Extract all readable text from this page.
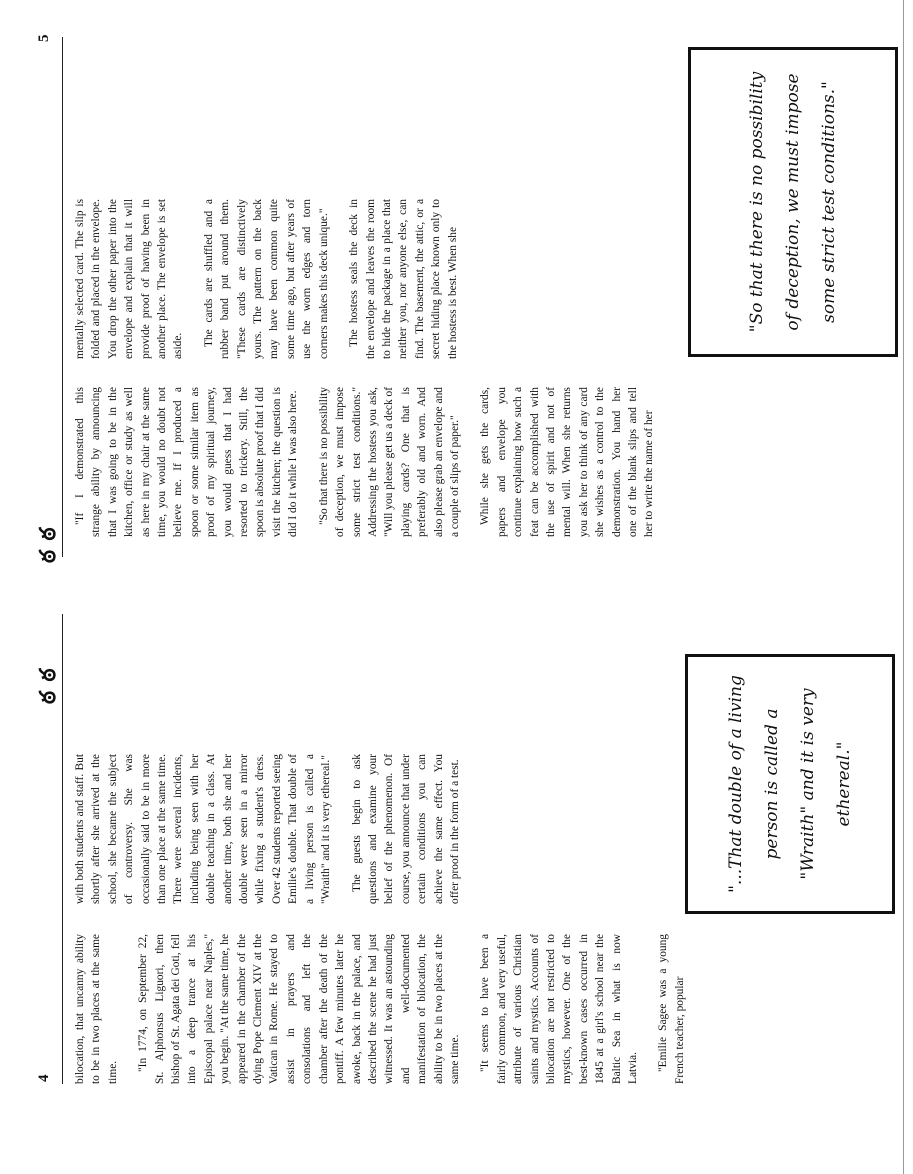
4
ఠ ఠ

bilocation, that uncanny ability to be in two places at the same time.

"In 1774, on September 22, St. Alphonsus Liguori, then bishop of St. Agata dei Goti, fell into a deep trance at his Episcopal palace near Naples," you begin. "At the same time, he appeared in the chamber of the dying Pope Clement XIV at the Vatican in Rome. He stayed to assist in prayers and consolations and left the chamber after the death of the pontiff. A few minutes later he awoke, back in the palace, and described the scene he had just witnessed. It was an astounding and well-documented manifestation of bilocation, the ability to be in two places at the same time. "It seems to have been a fairly common, and very useful, attribute of various Christian saints and mystics. Accounts of bilocation are not restricted to mystics, however. One of the best-known cases occurred in 1845 at a girl's school near the Baltic Sea in what is now Latvia. "Emilie Sagee was a young French teacher, popular

with both students and staff. But shortly after she arrived at the school, she became the subject of controversy. She was occasionally said to be in more than one place at the same time. There were several incidents, including being seen with her double teaching in a class. At another time, both she and her double were seen in a mirror while fixing a student's dress. Over 42 students reported seeing Emilie's double. That double of a living person is called a "Wraith" and it is very ethereal." The guests begin to ask questions and examine your belief of the phenomenon. Of course, you announce that under certain conditions you can achieve the same effect. You offer proof in the form of a test.	"...That double of a living person is called a "Wraith" and it is very ethereal."
5
ఠ ఠ

"If I demonstrated this strange ability by announcing that I was going to be in the kitchen, office or study as well as here in my chair at the same time, you would no doubt not believe me. If I produced a spoon or some similar item as proof of my spiritual journey, you would guess that I had resorted to trickery. Still, the spoon is absolute proof that I did visit the kitchen; the question is did I do it while I was also here. "So that there is no possibility of deception, we must impose some strict test conditions." Addressing the hostess you ask, "Will you please get us a deck of playing cards? One that is preferably old and worn. And also please grab an envelope and a couple of slips of paper." While she gets the cards, papers and envelope you continue explaining how such a feat can be accomplished with the use of spirit and not of mental will. When she returns you ask her to think of any card she wishes as a control to the demonstration. You hand her one of the blank slips and tell her to write the name of her

mentally selected card. The slip is folded and placed in the envelope. You drop the other paper into the envelope and explain that it will provide proof of having been in another place. The envelope is set aside. The cards are shuffled and a rubber band put around them. "These cards are distinctively yours. The pattern on the back may have been common quite some time ago, but after years of use the worn edges and torn corners makes this deck unique." The hostess seals the deck in the envelope and leaves the room to hide the package in a place that neither you, nor anyone else, can find. The basement, the attic, or a secret hiding place known only to the hostess is best. When she	"So that there is no possibility of deception, we must impose some strict test conditions."
